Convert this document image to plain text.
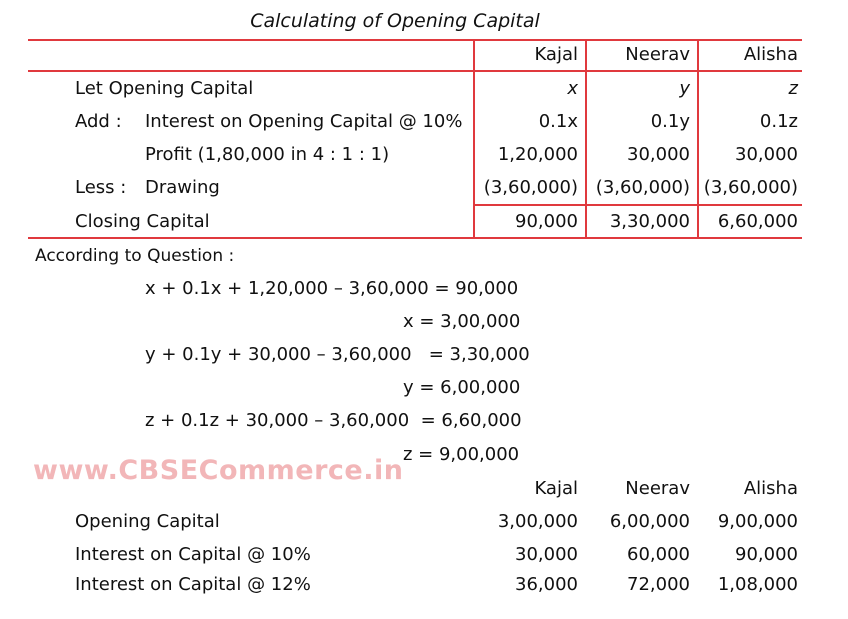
Calculating of Opening Capital
Kajal	Neerav	Alisha
Let Opening Capital	x	y	z
Add : Interest on Opening Capital @ 10%	0.1x	0.1y	0.1z
Profit (1,80,000 in 4 : 1 : 1)	1,20,000	30,000	30,000
Less : Drawing	(3,60,000) (3,60,000) (3,60,000)
Closing Capital	90,000	3,30,000	6,60,000
According to Question :
x + 0.1x + 1,20,000 – 3,60,000 = 90,000
x = 3,00,000
y + 0.1y + 30,000 – 3,60,000   = 3,30,000
y = 6,00,000
z + 0.1z + 30,000 – 3,60,000  = 6,60,000
z = 9,00,000
www.CBSECommerce.in
Kajal	Neerav	Alisha
Opening Capital	3,00,000	6,00,000	9,00,000
Interest on Capital @ 10%	30,000	60,000	90,000
Interest on Capital @ 12%	36,000	72,000	1,08,000
